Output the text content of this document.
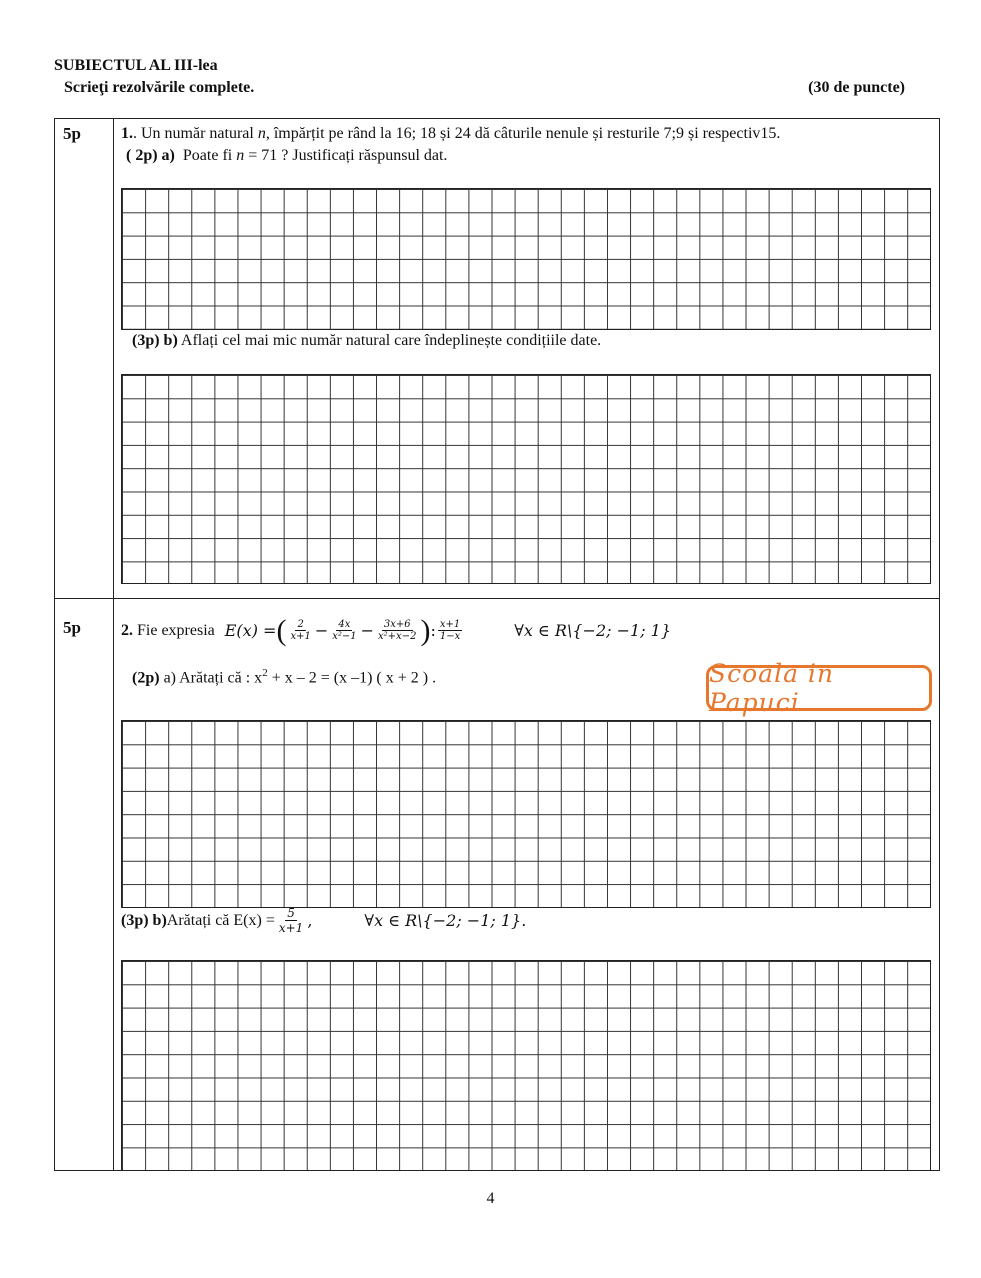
SUBIECTUL AL III-lea
Scrieţi rezolvările complete.	(30 de puncte)
5p	1.. Un număr natural n, împărțit pe rând la 16; 18 și 24 dă câturile nenule și resturile 7;9 și respectiv15.
( 2p) a) Poate fi n = 71 ? Justificați răspunsul dat.
(3p) b) Aflați cel mai mic număr natural care îndeplinește condițiile date.
5p	2.
Fie expresia E(x) = ( $\frac{2}{x+1} - \frac{4x}{\text{x²−1}} - \frac{3x+6}{\text{x²+x−2}}$ ) : $\frac{x+1}{1-x}$	∀x ∈ R\{−2; −1; 1}
(2p) a) Arătați că : $x^2 + x - 2 = (x$ –1) ( x + 2 ) .	Scoala in Papuci
(3p) b) Arătați că $E(x) = \frac{5}{x+1}$ ,	∀x ∈ R\{−2; −1; 1}.
4
